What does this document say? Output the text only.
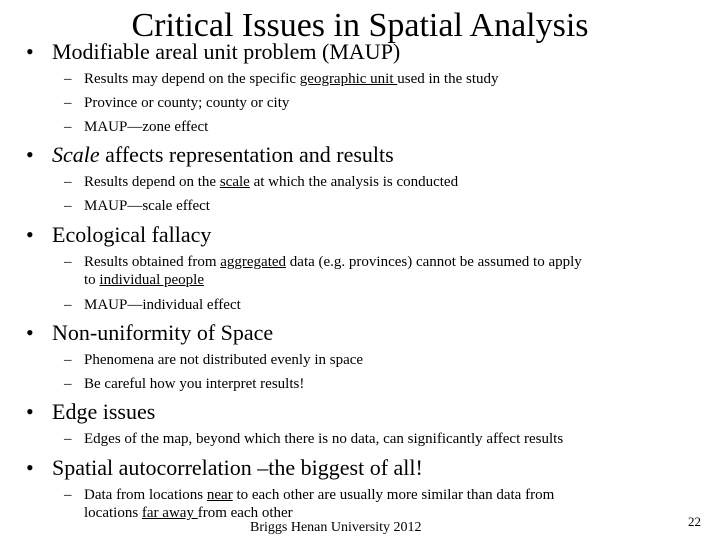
Critical Issues in Spatial Analysis
• Modifiable areal unit problem (MAUP)
– Results may depend on the specific geographic unit used in the study
– Province or county; county or city
– MAUP—zone effect
• Scale affects representation and results
– Results depend on the scale at which the analysis is conducted
– MAUP—scale effect
• Ecological fallacy
– Results obtained from aggregated data (e.g. provinces) cannot be assumed to apply
to individual people
– MAUP—individual effect
• Non-uniformity of Space
– Phenomena are not distributed evenly in space
– Be careful how you interpret results!
• Edge issues
– Edges of the map, beyond which there is no data, can significantly affect results
• Spatial autocorrelation –the biggest of all!
– Data from locations near to each other are usually more similar than data from
locations far away from each other
Briggs Henan University 2012	22
